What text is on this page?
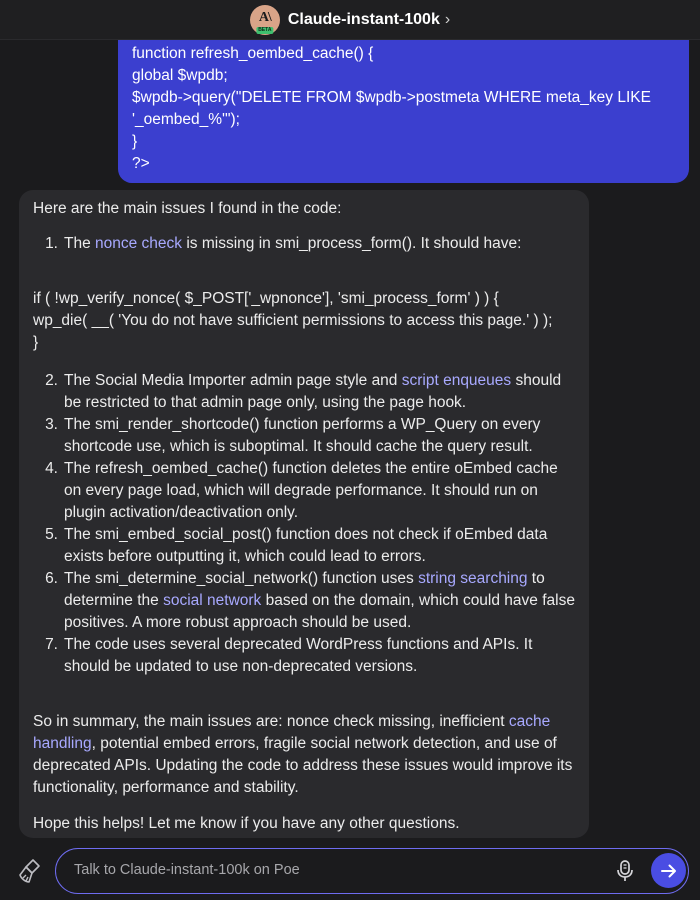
A\
BETA
Claude-instant-100k ›
function refresh_oembed_cache() {
global $wpdb;
$wpdb->query("DELETE FROM $wpdb->postmeta WHERE meta_key LIKE
'_oembed_%'");
}
?>

Here are the main issues I found in the code:

1. The nonce check is missing in smi_process_form(). It should have:
if ( !wp_verify_nonce( $_POST['_wpnonce'], 'smi_process_form' ) ) {
wp_die( __( 'You do not have sufficient permissions to access this page.' ) );
}
2. The Social Media Importer admin page style and script enqueues should be restricted to that admin page only, using the page hook.
3. The smi_render_shortcode() function performs a WP_Query on every shortcode use, which is suboptimal. It should cache the query result.
4. The refresh_oembed_cache() function deletes the entire oEmbed cache on every page load, which will degrade performance. It should run on plugin activation/deactivation only.
5. The smi_embed_social_post() function does not check if oEmbed data exists before outputting it, which could lead to errors.
6. The smi_determine_social_network() function uses string searching to determine the social network based on the domain, which could have false positives. A more robust approach should be used.
7. The code uses several deprecated WordPress functions and APIs. It should be updated to use non-deprecated versions.

So in summary, the main issues are: nonce check missing, inefficient cache handling, potential embed errors, fragile social network detection, and use of deprecated APIs. Updating the code to address these issues would improve its functionality, performance and stability.

Hope this helps! Let me know if you have any other questions.

Talk to Claude-instant-100k on Poe
